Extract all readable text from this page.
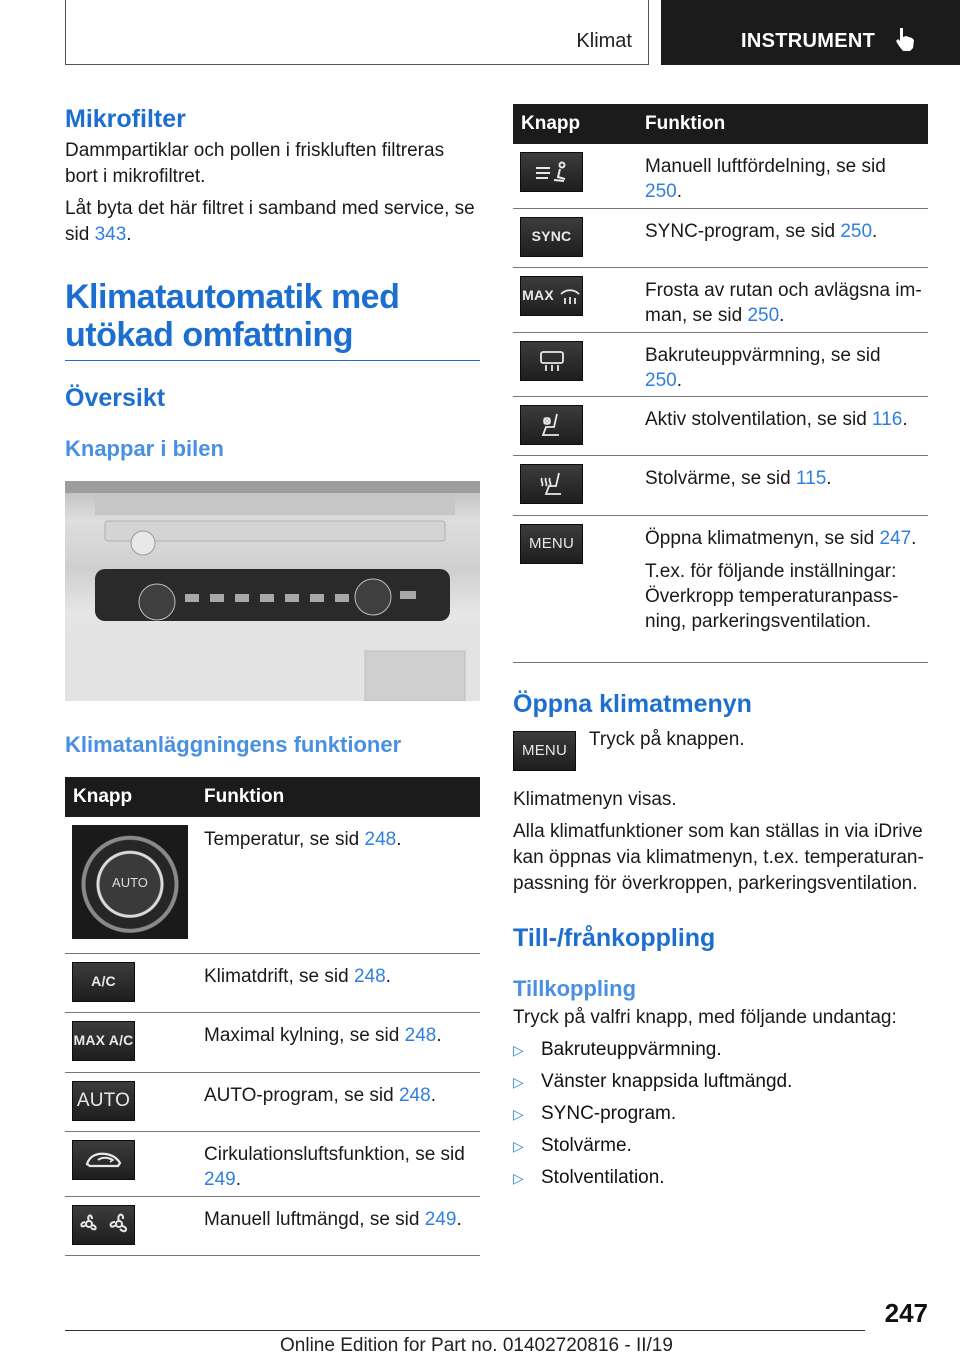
Klimat	INSTRUMENT
Mikrofilter

Dammpartiklar och pollen i friskluften filtreras bort i mikrofiltret.

Låt byta det här filtret i samband med service, se sid 343.

Klimatautomatik med utökad omfattning
Översikt
Knappar i bilen
Klimatanläggningens funktioner
Knapp	Funktion

AUTO	Temperatur, se sid 248.

A/C	Klimatdrift, se sid 248.

MAX A/C	Maximal kylning, se sid 248.

AUTO	AUTO-program, se sid 248.

	Cirkulationsluftsfunktion, se sid 249.

	Manuell luftmängd, se sid 249.
Knapp	Funktion

	Manuell luftfördelning, se sid 250.

SYNC	SYNC-program, se sid 250.

MAX	Frosta av rutan och avlägsna imman, se sid 250.

	Bakruteuppvärmning, se sid 250.

	Aktiv stolventilation, se sid 116.

	Stolvärme, se sid 115.

MENU	Öppna klimatmenyn, se sid 247.
T.ex. för följande inställningar: Överkropp temperaturanpassning, parkeringsventilation.
Öppna klimatmenyn
MENU

Tryck på knappen.

Klimatmenyn visas.

Alla klimatfunktioner som kan ställas in via iDrive kan öppnas via klimatmenyn, t.ex. temperaturanpassning för överkroppen, parkeringsventilation.

Till-/frånkoppling
Tillkoppling

Tryck på valfri knapp, med följande undantag:

▷ Bakruteuppvärmning.
▷ Vänster knappsida luftmängd.
▷ SYNC-program.
▷ Stolvärme.
▷ Stolventilation.
247
Online Edition for Part no. 01402720816 - II/19
